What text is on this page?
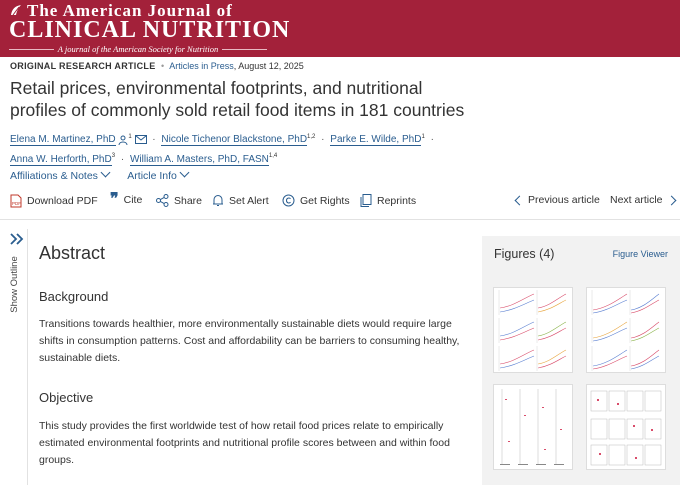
The American Journal of
CLINICAL NUTRITION
A journal of the American Society for Nutrition
ORIGINAL RESEARCH ARTICLE • Articles in Press, August 12, 2025
Retail prices, environmental footprints, and nutritional profiles of commonly sold retail food items in 181 countries
Elena M. Martinez, PhD $^1$ · Nicole Tichenor Blackstone, PhD$^{1,2}$ · Parke E. Wilde, PhD$^1$ ·
Anna W. Herforth, PhD$^3$ · William A. Masters, PhD, FASN$^{1,4}$
Affiliations & Notes	Article Info
PDF Download PDF ❞ Cite	Share	Set Alert	Get Rights	Reprints	Previous article Next article
Show Outline
Abstract
Background

Transitions towards healthier, more environmentally sustainable diets would require large shifts in consumption patterns. Cost and affordability can be barriers to consuming healthy, sustainable diets.

Objective

This study provides the first worldwide test of how retail food prices relate to empirically estimated environmental footprints and nutritional profile scores between and within food groups.

Figures (4)	Figure Viewer
